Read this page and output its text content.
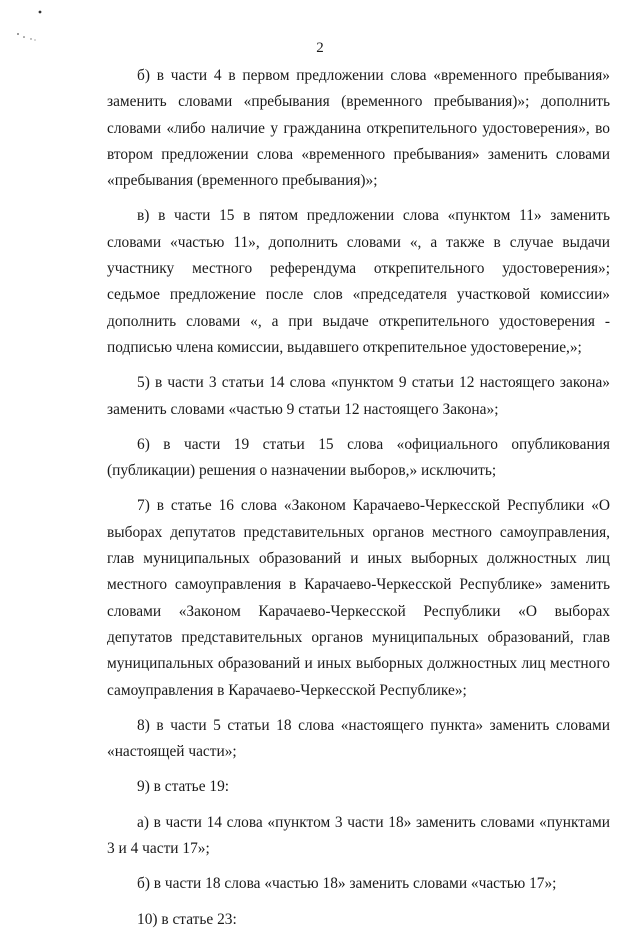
2

б) в части 4 в первом предложении слова «временного пребывания» заменить словами «пребывания (временного пребывания)»; дополнить словами «либо наличие у гражданина открепительного удостоверения», во втором предложении слова «временного пребывания» заменить словами «пребывания (временного пребывания)»;

в) в части 15 в пятом предложении слова «пунктом 11» заменить словами «частью 11», дополнить словами «, а также в случае выдачи участнику местного референдума открепительного удостоверения»; седьмое предложение после слов «председателя участковой комиссии» дополнить словами «, а при выдаче открепительного удостоверения - подписью члена комиссии, выдавшего открепительное удостоверение,»;

5) в части 3 статьи 14 слова «пунктом 9 статьи 12 настоящего закона» заменить словами «частью 9 статьи 12 настоящего Закона»;

6) в части 19 статьи 15 слова «официального опубликования (публикации) решения о назначении выборов,» исключить;

7) в статье 16 слова «Законом Карачаево-Черкесской Республики «О выборах депутатов представительных органов местного самоуправления, глав муниципальных образований и иных выборных должностных лиц местного самоуправления в Карачаево-Черкесской Республике» заменить словами «Законом Карачаево-Черкесской Республики «О выборах депутатов представительных органов муниципальных образований, глав муниципальных образований и иных выборных должностных лиц местного самоуправления в Карачаево-Черкесской Республике»;

8) в части 5 статьи 18 слова «настоящего пункта» заменить словами «настоящей части»;

9) в статье 19:

а) в части 14 слова «пунктом 3 части 18» заменить словами «пунктами 3 и 4 части 17»;

б) в части 18 слова «частью 18» заменить словами «частью 17»;

10) в статье 23:
